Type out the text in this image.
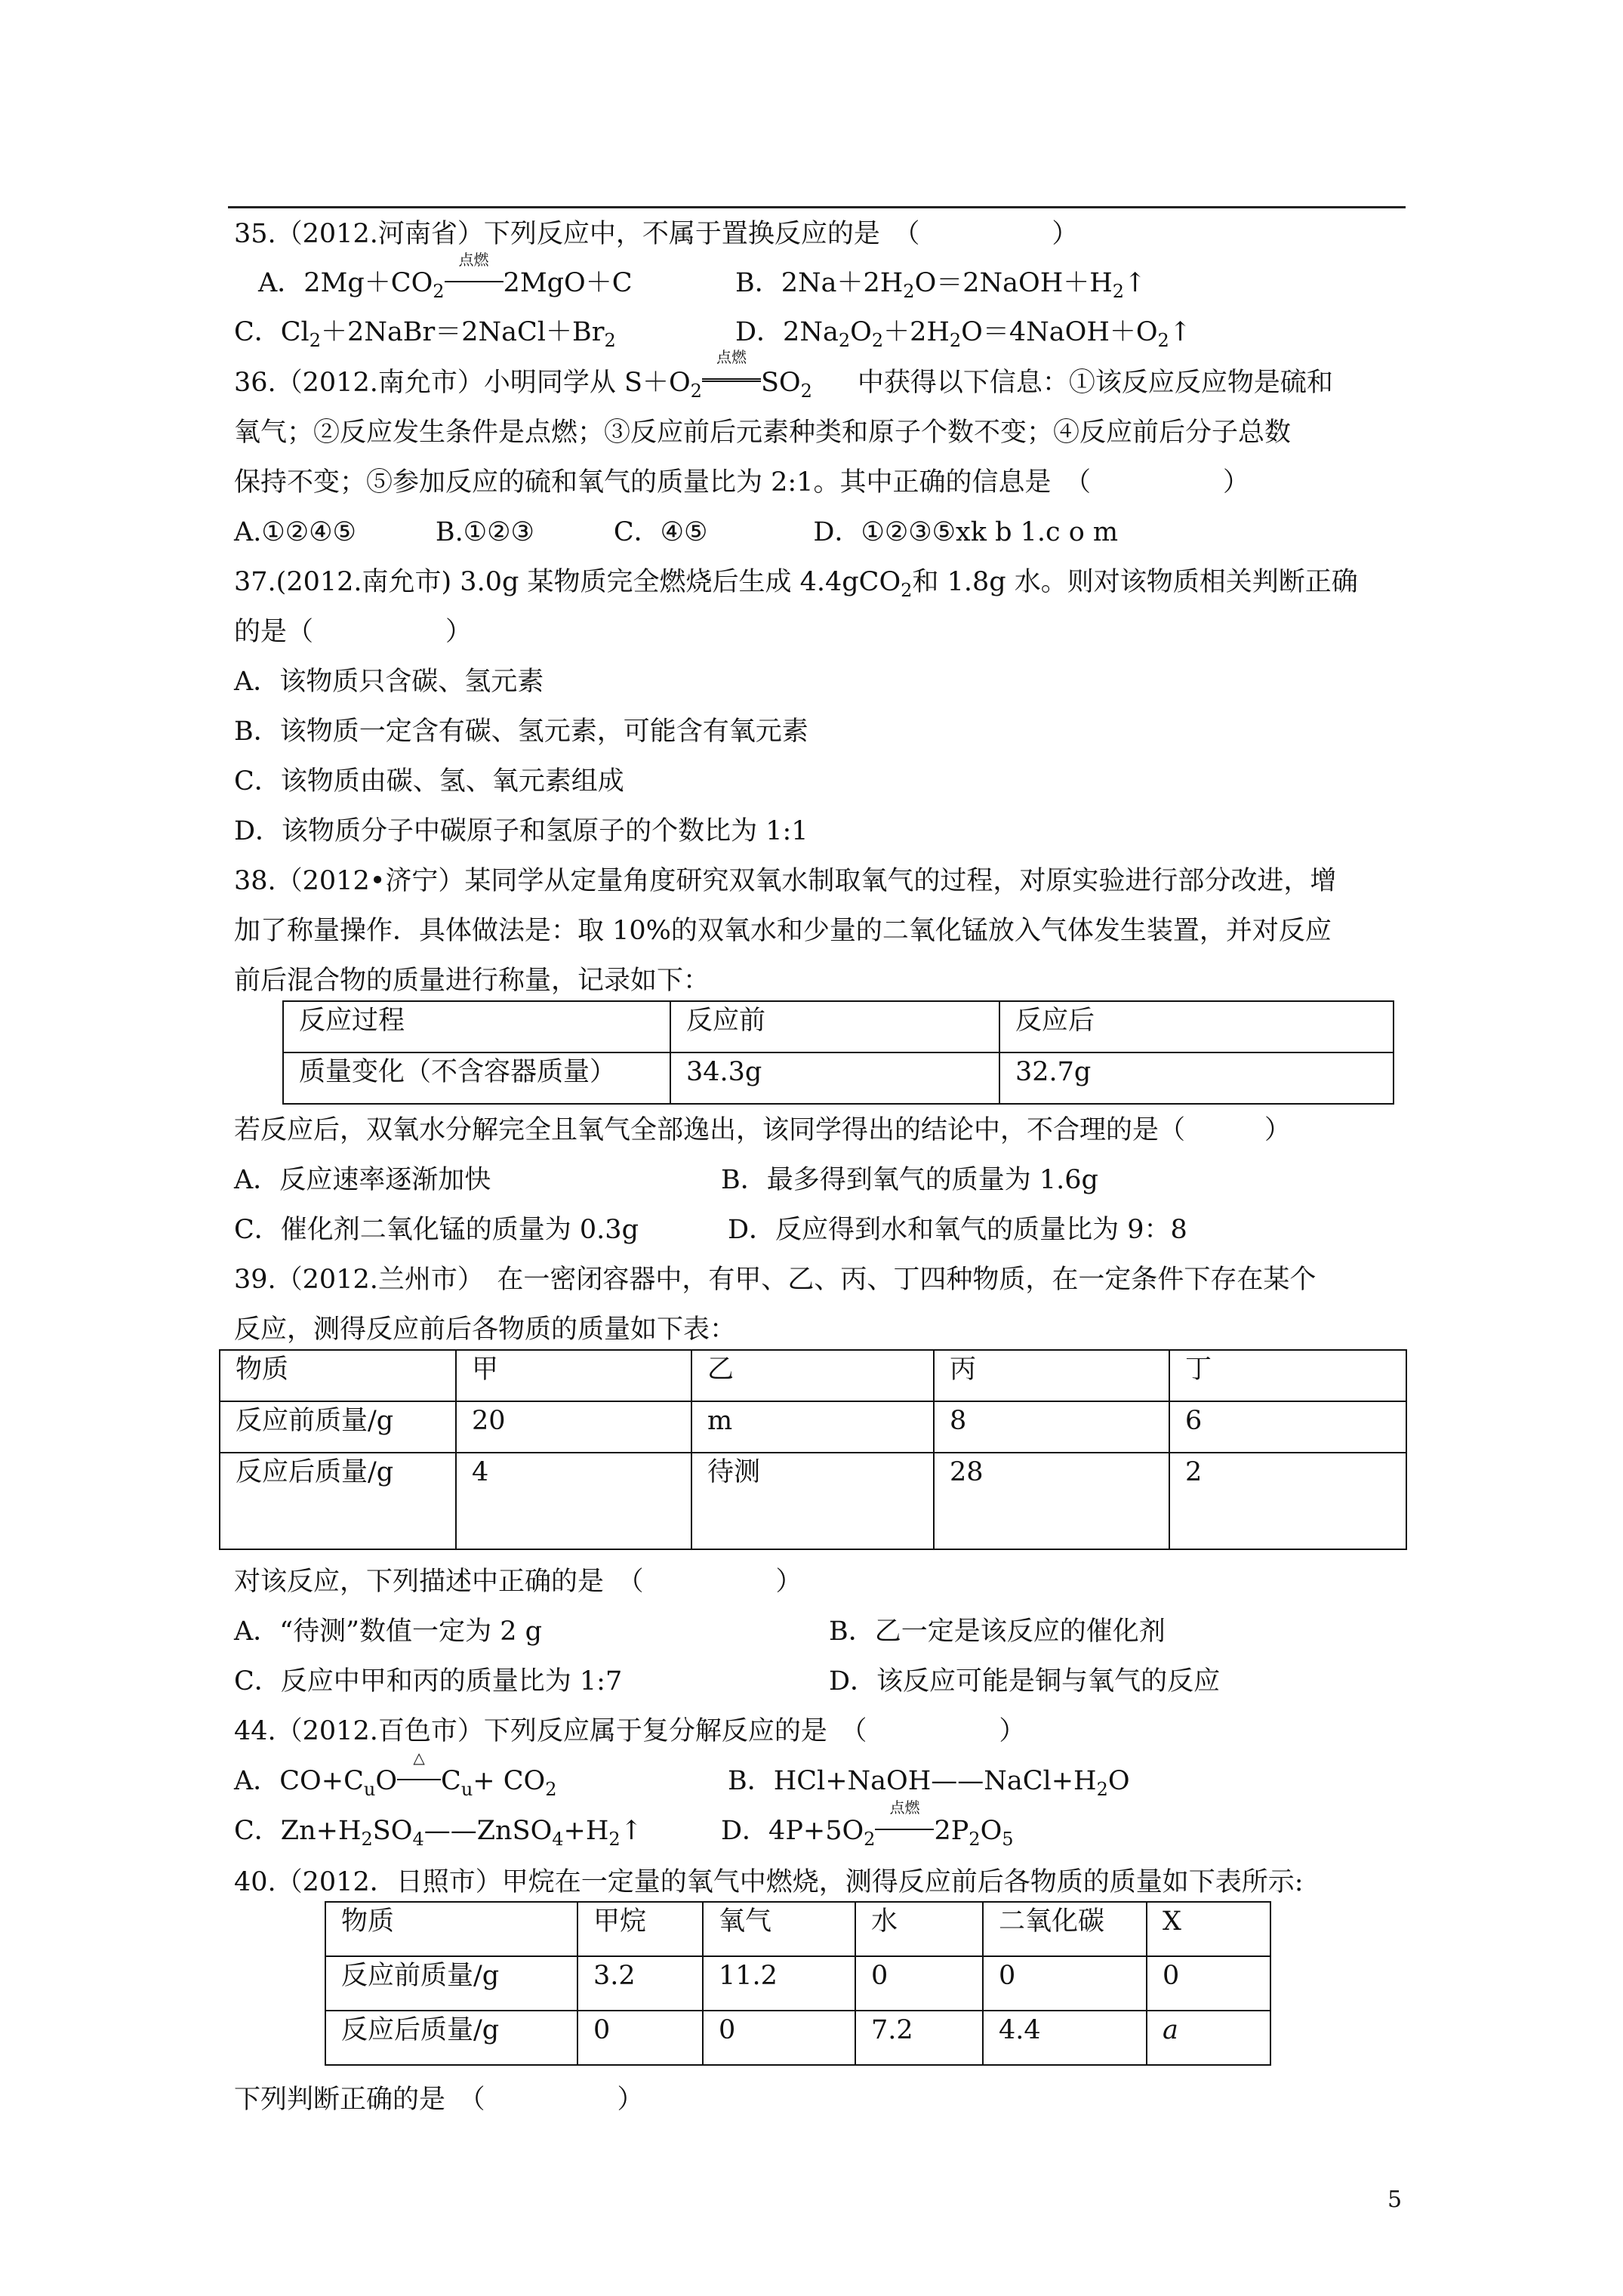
35.（2012.河南省）下列反应中，不属于置换反应的是　（　　　　　）
A．$2Mg+CO_2$
点燃
2MgO＋C	B．$2Na+2H_2O=2NaOH+H_2↑$
C．$Cl_2+2NaBr=2NaCl+Br_2$	D．$2Na_2O_2+2H_2O=4NaOH+O_2↑$
36.（2012.南允市）小明同学从 $S+O_2$
点燃
$SO_2$ 中获得以下信息：①该反应反应物是硫和
氧气；②反应发生条件是点燃；③反应前后元素种类和原子个数不变；④反应前后分子总数
保持不变；⑤参加反应的硫和氧气的质量比为 2:1。其中正确的信息是　（　　　　　）
A.①②④⑤　　　B.①②③　　　C．④⑤　　　　D．①②③⑤xk b 1.c o m
37.(2012.南允市) 3.0g 某物质完全燃烧后生成 4.4gCO$_2$和 1.8g 水。则对该物质相关判断正确
的是（　　　　　）
A．该物质只含碳、氢元素
B．该物质一定含有碳、氢元素，可能含有氧元素
C．该物质由碳、氢、氧元素组成
D．该物质分子中碳原子和氢原子的个数比为 1:1
38.（2012•济宁）某同学从定量角度研究双氧水制取氧气的过程，对原实验进行部分改进，增
加了称量操作．具体做法是：取 10%的双氧水和少量的二氧化锰放入气体发生装置，并对反应
前后混合物的质量进行称量，记录如下：
反应过程	反应前	反应后
质量变化（不含容器质量）	34.3g	32.7g
若反应后，双氧水分解完全且氧气全部逸出，该同学得出的结论中，不合理的是（　　　）
A．反应速率逐渐加快	B．最多得到氧气的质量为 1.6g
C．催化剂二氧化锰的质量为 0.3g	D．反应得到水和氧气的质量比为 9：8
39.（2012.兰州市）　在一密闭容器中，有甲、乙、丙、丁四种物质，在一定条件下存在某个
反应，测得反应前后各物质的质量如下表：
物质	甲	乙	丙	丁
反应前质量/g	20	m	8	6
反应后质量/g	4	待测	28	2
对该反应，下列描述中正确的是　（　　　　　）
A．“待测”数值一定为 2 g	B．乙一定是该反应的催化剂
C．反应中甲和丙的质量比为 1:7	D．该反应可能是铜与氧气的反应
44.（2012.百色市）下列反应属于复分解反应的是　（　　　　　）
A．$CO+C_uO$
△
$C_u+ CO_2$	B．$HCl+NaOH——NaCl+H_2O$
C．$Zn+H_2SO_4——ZnSO_4+H_2↑$	D．$4P+5O_2$
点燃
$2P_2O_5$
40.（2012．日照市）甲烷在一定量的氧气中燃烧，测得反应前后各物质的质量如下表所示:
物质	甲烷	氧气	水	二氧化碳	X
反应前质量/g	3.2	11.2	0	0	0
反应后质量/g	0	0	7.2	4.4	a
下列判断正确的是　（　　　　　）
5
